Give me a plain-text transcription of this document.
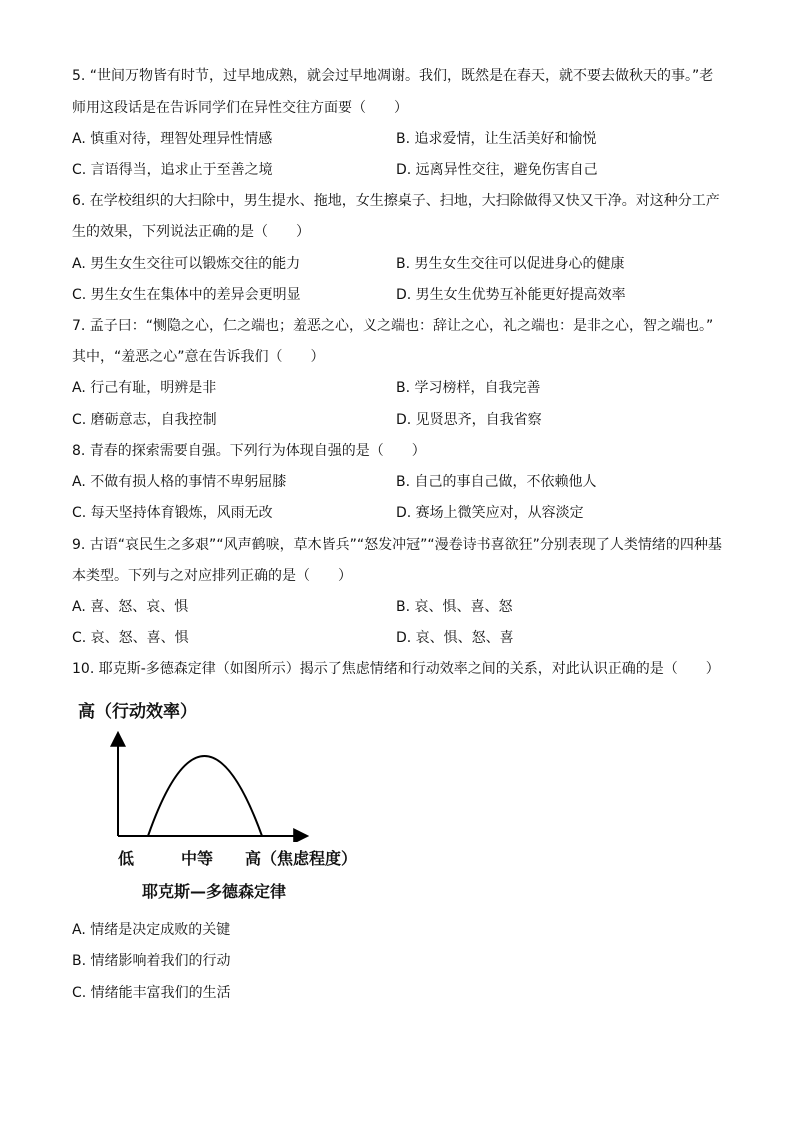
5. “世间万物皆有时节，过早地成熟，就会过早地凋谢。我们，既然是在春天，就不要去做秋天的事。”老
师用这段话是在告诉同学们在异性交往方面要（　　）
A. 慎重对待，理智处理异性情感	B. 追求爱情，让生活美好和愉悦
C. 言语得当，追求止于至善之境	D. 远离异性交往，避免伤害自己
6. 在学校组织的大扫除中，男生提水、拖地，女生擦桌子、扫地，大扫除做得又快又干净。对这种分工产
生的效果，下列说法正确的是（　　）
A. 男生女生交往可以锻炼交往的能力	B. 男生女生交往可以促进身心的健康
C. 男生女生在集体中的差异会更明显	D. 男生女生优势互补能更好提高效率
7. 孟子曰：“恻隐之心，仁之端也；羞恶之心，义之端也：辞让之心，礼之端也：是非之心，智之端也。”
其中，“羞恶之心”意在告诉我们（　　）
A. 行己有耻，明辨是非	B. 学习榜样，自我完善
C. 磨砺意志，自我控制	D. 见贤思齐，自我省察
8. 青春的探索需要自强。下列行为体现自强的是（　　）
A. 不做有损人格的事情不卑躬屈膝	B. 自己的事自己做，不依赖他人
C. 每天坚持体育锻炼，风雨无改	D. 赛场上微笑应对，从容淡定
9. 古语“哀民生之多艰”“风声鹤唳，草木皆兵”“怒发冲冠”“漫卷诗书喜欲狂”分别表现了人类情绪的四种基
本类型。下列与之对应排列正确的是（　　）
A. 喜、怒、哀、惧	B. 哀、惧、喜、怒
C. 哀、怒、喜、惧	D. 哀、惧、怒、喜
10. 耶克斯-多德森定律（如图所示）揭示了焦虑情绪和行动效率之间的关系，对此认识正确的是（　　）
高（行动效率）
低	中等 高（焦虑程度）
耶克斯—多德森定律
A. 情绪是决定成败的关键
B. 情绪影响着我们的行动
C. 情绪能丰富我们的生活
